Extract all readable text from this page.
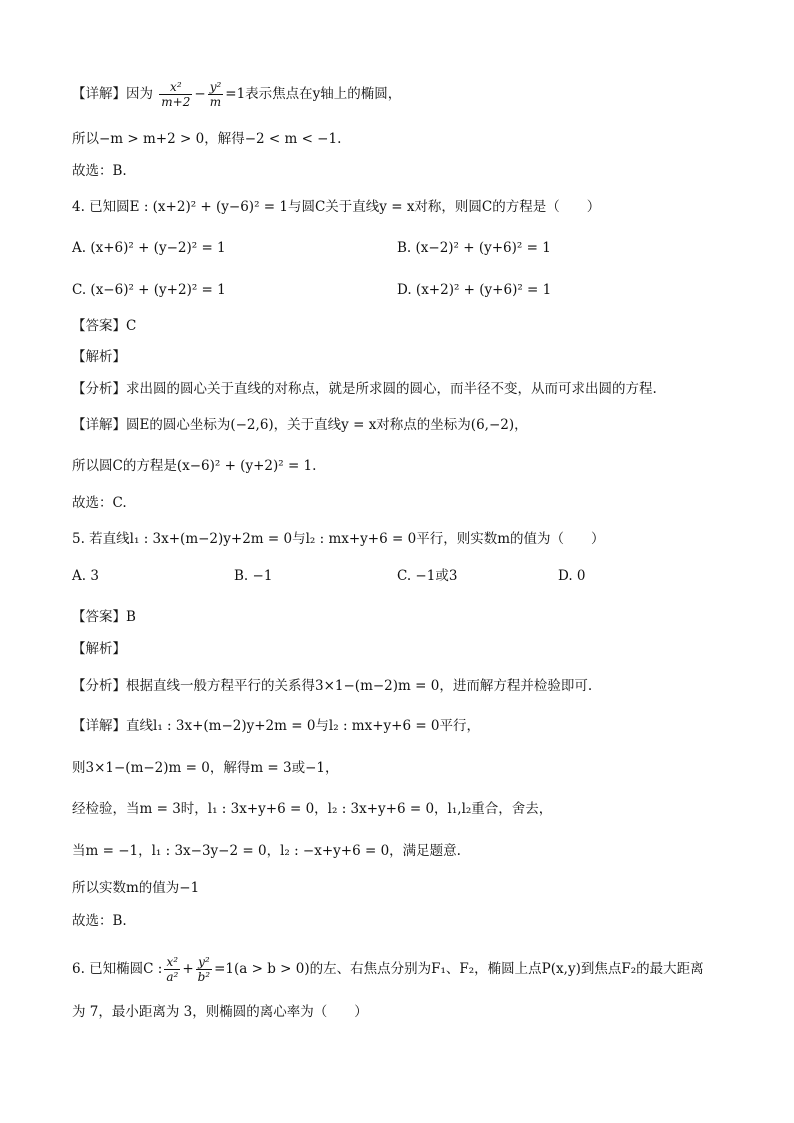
【详解】因为 $\frac{\text{x²}}{m+2} - \frac{\text{y²}}{m} =1$表示焦点在y轴上的椭圆，
所以−m > m+2 > 0，解得−2 < m < −1.
故选：B.
4. 已知圆E : (x+2)² + (y−6)² = 1与圆C关于直线y = x对称，则圆C的方程是（　　）
A. (x+6)² + (y−2)² = 1	B. (x−2)² + (y+6)² = 1
C. (x−6)² + (y+2)² = 1	D. (x+2)² + (y+6)² = 1
【答案】C
【解析】
【分析】求出圆的圆心关于直线的对称点，就是所求圆的圆心，而半径不变，从而可求出圆的方程.
【详解】圆E的圆心坐标为(−2,6)，关于直线y = x对称点的坐标为(6,−2)，
所以圆C的方程是(x−6)² + (y+2)² = 1.
故选：C.
5. 若直线l₁ : 3x+(m−2)y+2m = 0与l₂ : mx+y+6 = 0平行，则实数m的值为（　　）
A. 3	B. −1	C. −1或3	D. 0
【答案】B
【解析】
【分析】根据直线一般方程平行的关系得3×1−(m−2)m = 0，进而解方程并检验即可.
【详解】直线l₁ : 3x+(m−2)y+2m = 0与l₂ : mx+y+6 = 0平行，
则3×1−(m−2)m = 0，解得m = 3或−1，
经检验，当m = 3时，l₁ : 3x+y+6 = 0，l₂ : 3x+y+6 = 0，l₁,l₂重合，舍去，
当m = −1，l₁ : 3x−3y−2 = 0，l₂ : −x+y+6 = 0，满足题意.
所以实数m的值为−1
故选：B.
6. 已知椭圆C : $\frac{\text{x²}}{\text{a²}} + \frac{\text{y²}}{\text{b²}} =1(a > b > 0)$的左、右焦点分别为F₁、F₂，椭圆上点P(x,y)到焦点F₂的最大距离
为 7，最小距离为 3，则椭圆的离心率为（　　）
